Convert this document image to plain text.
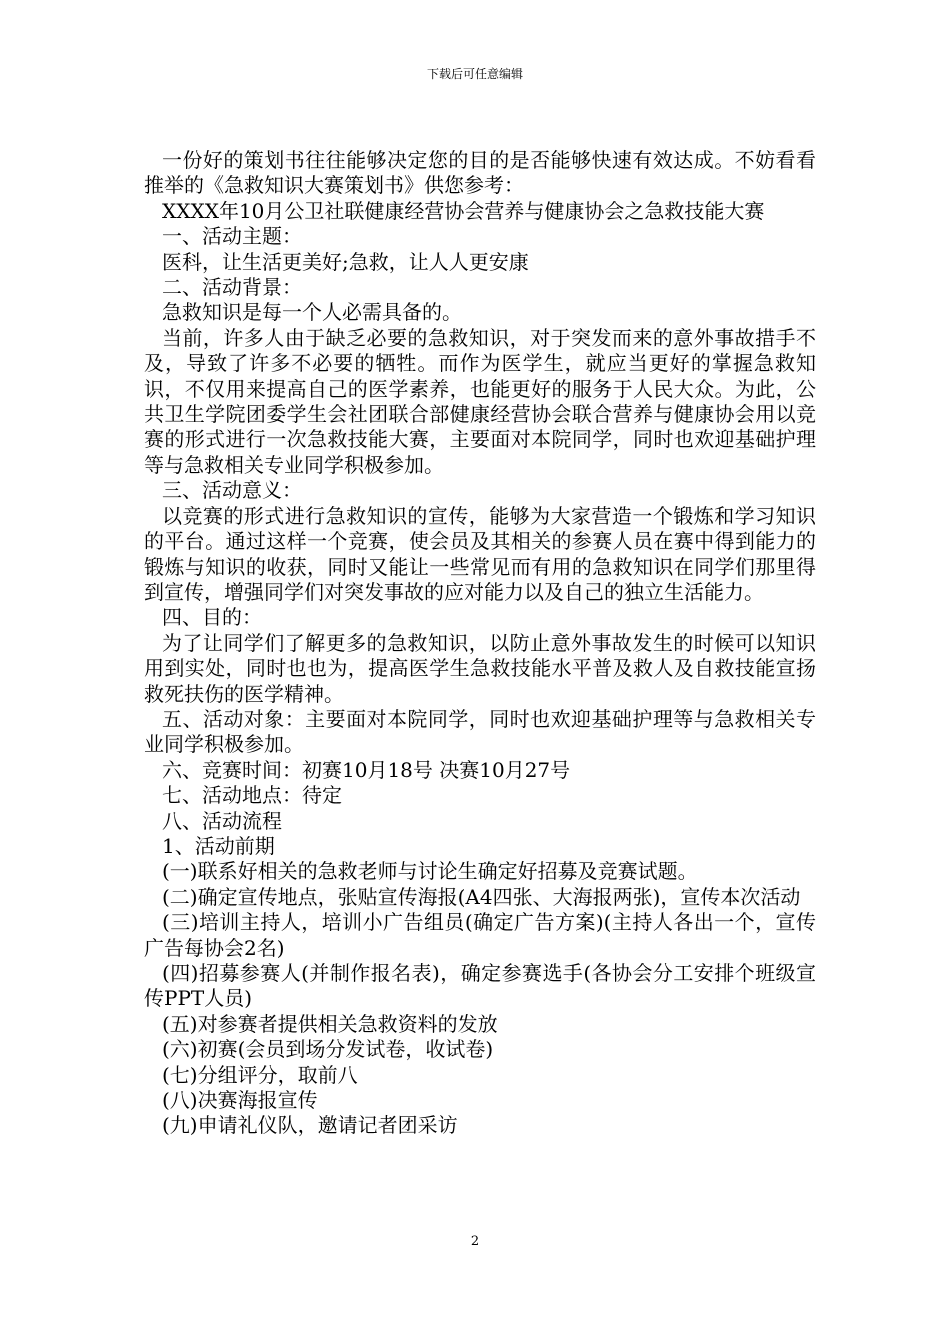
下载后可任意编辑

一份好的策划书往往能够决定您的目的是否能够快速有效达成。不妨看看推举的《急救知识大赛策划书》供您参考：

XXXX年10月公卫社联健康经营协会营养与健康协会之急救技能大赛

一、活动主题：

医科，让生活更美好;急救，让人人更安康

二、活动背景：

急救知识是每一个人必需具备的。

当前，许多人由于缺乏必要的急救知识，对于突发而来的意外事故措手不及，导致了许多不必要的牺牲。而作为医学生，就应当更好的掌握急救知识，不仅用来提高自己的医学素养，也能更好的服务于人民大众。为此，公共卫生学院团委学生会社团联合部健康经营协会联合营养与健康协会用以竞赛的形式进行一次急救技能大赛，主要面对本院同学，同时也欢迎基础护理等与急救相关专业同学积极参加。

三、活动意义：

以竞赛的形式进行急救知识的宣传，能够为大家营造一个锻炼和学习知识的平台。通过这样一个竞赛，使会员及其相关的参赛人员在赛中得到能力的锻炼与知识的收获，同时又能让一些常见而有用的急救知识在同学们那里得到宣传，增强同学们对突发事故的应对能力以及自己的独立生活能力。

四、目的：

为了让同学们了解更多的急救知识，以防止意外事故发生的时候可以知识用到实处，同时也也为，提高医学生急救技能水平普及救人及自救技能宣扬救死扶伤的医学精神。

五、活动对象：主要面对本院同学，同时也欢迎基础护理等与急救相关专业同学积极参加。

六、竞赛时间：初赛10月18号 决赛10月27号

七、活动地点：待定

八、活动流程

1、活动前期

(一)联系好相关的急救老师与讨论生确定好招募及竞赛试题。

(二)确定宣传地点，张贴宣传海报(A4四张、大海报两张)，宣传本次活动

(三)培训主持人，培训小广告组员(确定广告方案)(主持人各出一个，宣传广告每协会2名)

(四)招募参赛人(并制作报名表)，确定参赛选手(各协会分工安排个班级宣传PPT人员)

(五)对参赛者提供相关急救资料的发放

(六)初赛(会员到场分发试卷，收试卷)

(七)分组评分，取前八

(八)决赛海报宣传

(九)申请礼仪队，邀请记者团采访

2
